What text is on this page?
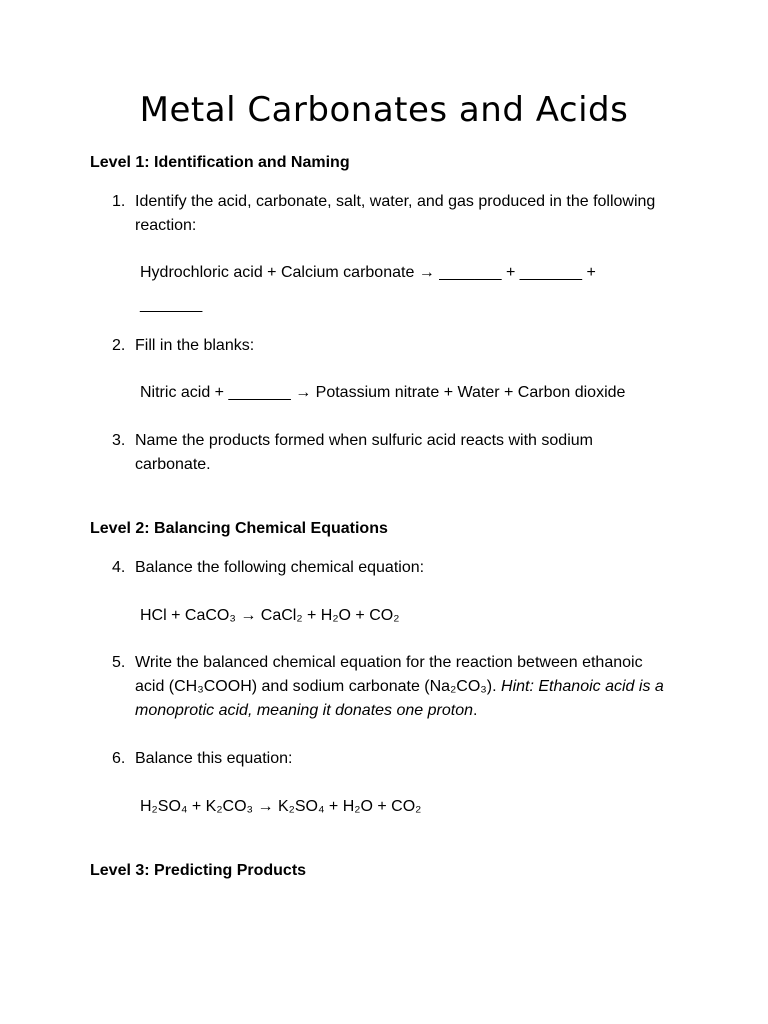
Metal Carbonates and Acids
Level 1: Identification and Naming
1. Identify the acid, carbonate, salt, water, and gas produced in the following reaction:
Hydrochloric acid + Calcium carbonate → _______ + _______ + _______
2. Fill in the blanks:
Nitric acid + _______ → Potassium nitrate + Water + Carbon dioxide
3. Name the products formed when sulfuric acid reacts with sodium carbonate.
Level 2: Balancing Chemical Equations
4. Balance the following chemical equation:
HCl + CaCO₃ → CaCl₂ + H₂O + CO₂
5. Write the balanced chemical equation for the reaction between ethanoic acid (CH₃COOH) and sodium carbonate (Na₂CO₃). Hint: Ethanoic acid is a monoprotic acid, meaning it donates one proton.
6. Balance this equation:
H₂SO₄ + K₂CO₃ → K₂SO₄ + H₂O + CO₂
Level 3: Predicting Products
